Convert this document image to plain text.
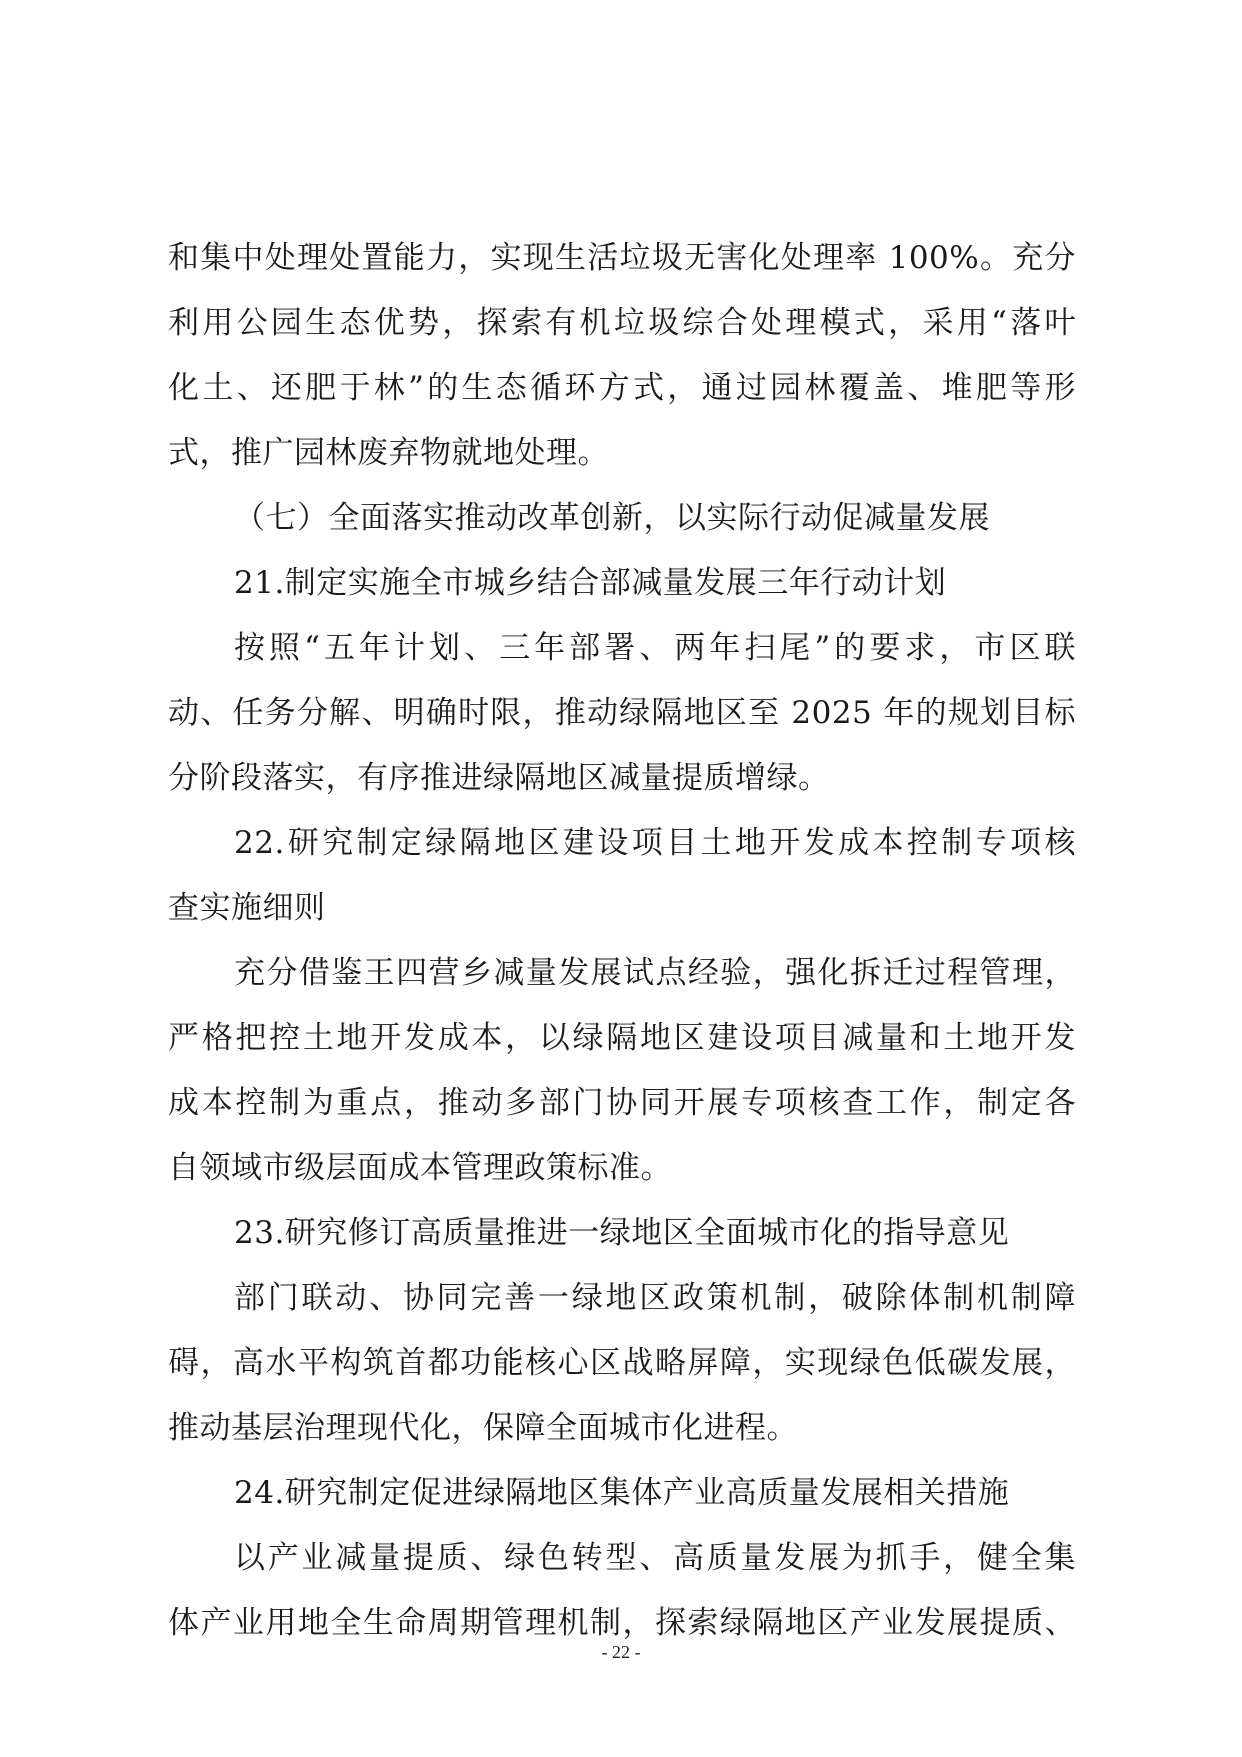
和集中处理处置能力，实现生活垃圾无害化处理率 100%。充分
利用公园生态优势，探索有机垃圾综合处理模式，采用“落叶
化土、还肥于林”的生态循环方式，通过园林覆盖、堆肥等形
式，推广园林废弃物就地处理。
（七）全面落实推动改革创新，以实际行动促减量发展
21.制定实施全市城乡结合部减量发展三年行动计划
按照“五年计划、三年部署、两年扫尾”的要求，市区联
动、任务分解、明确时限，推动绿隔地区至 2025 年的规划目标
分阶段落实，有序推进绿隔地区减量提质增绿。
22.研究制定绿隔地区建设项目土地开发成本控制专项核
查实施细则
充分借鉴王四营乡减量发展试点经验，强化拆迁过程管理，
严格把控土地开发成本，以绿隔地区建设项目减量和土地开发
成本控制为重点，推动多部门协同开展专项核查工作，制定各
自领域市级层面成本管理政策标准。
23.研究修订高质量推进一绿地区全面城市化的指导意见
部门联动、协同完善一绿地区政策机制，破除体制机制障
碍，高水平构筑首都功能核心区战略屏障，实现绿色低碳发展，
推动基层治理现代化，保障全面城市化进程。
24.研究制定促进绿隔地区集体产业高质量发展相关措施
以产业减量提质、绿色转型、高质量发展为抓手，健全集
体产业用地全生命周期管理机制，探索绿隔地区产业发展提质、
- 22 -
